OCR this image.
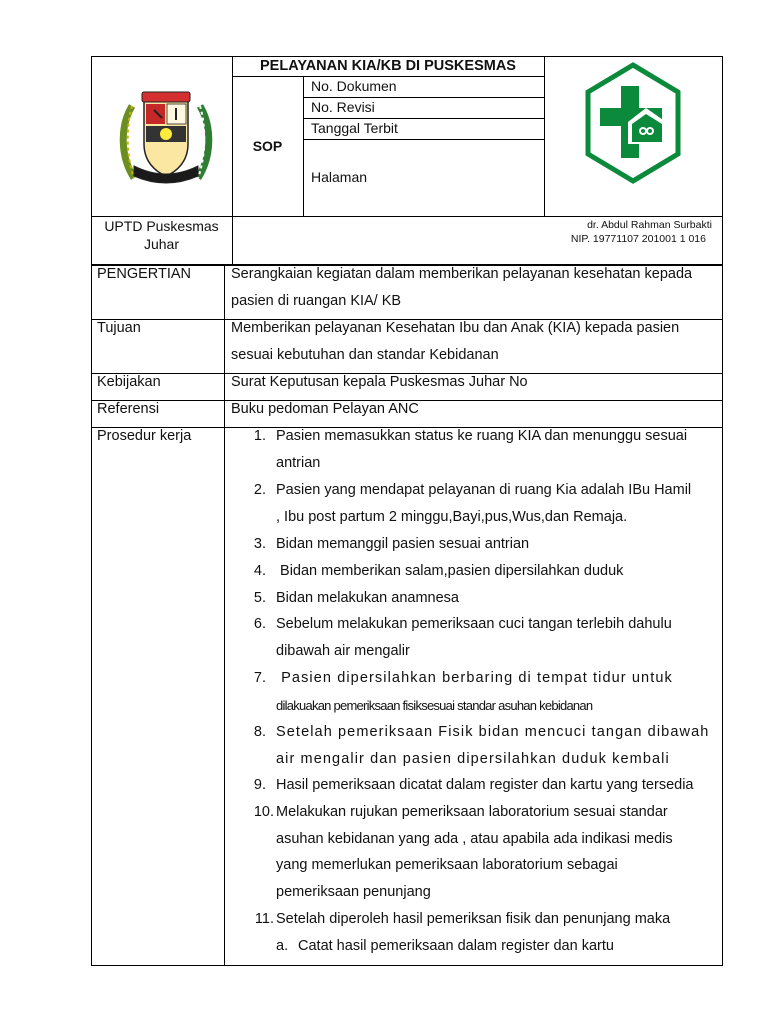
PELAYANAN KIA/KB DI PUSKESMAS
SOP
No. Dokumen
No. Revisi
Tanggal Terbit
Halaman
UPTD Puskesmas
Juhar
dr. Abdul Rahman Surbakti
NIP. 19771107 201001 1 016
PENGERTIAN
Tujuan
Kebijakan
Referensi
Prosedur kerja
Serangkaian kegiatan dalam memberikan pelayanan kesehatan kepada
pasien di ruangan KIA/ KB
Memberikan pelayanan Kesehatan Ibu dan Anak (KIA) kepada pasien
sesuai kebutuhan dan standar Kebidanan
Surat Keputusan kepala Puskesmas Juhar No
Buku pedoman Pelayan ANC
1. Pasien memasukkan status ke ruang KIA dan menunggu sesuai
antrian
2. Pasien yang mendapat pelayanan di ruang Kia adalah IBu Hamil
, Ibu post partum 2 minggu,Bayi,pus,Wus,dan Remaja.
3. Bidan memanggil pasien sesuai antrian
4. Bidan memberikan salam,pasien dipersilahkan duduk
5. Bidan melakukan anamnesa
6. Sebelum melakukan pemeriksaan cuci tangan terlebih dahulu
dibawah air mengalir
7. Pasien dipersilahkan berbaring di tempat tidur untuk
dilakuakan pemeriksaan fisiksesuai standar asuhan kebidanan
8. Setelah pemeriksaan Fisik bidan mencuci tangan dibawah
air mengalir dan pasien dipersilahkan duduk kembali
9. Hasil pemeriksaan dicatat dalam register dan kartu yang tersedia
10. Melakukan rujukan pemeriksaan laboratorium sesuai standar
asuhan kebidanan yang ada , atau apabila ada indikasi medis
yang memerlukan pemeriksaan laboratorium sebagai
pemeriksaan penunjang
11. Setelah diperoleh hasil pemeriksan fisik dan penunjang maka
a. Catat hasil pemeriksaan dalam register dan kartu
